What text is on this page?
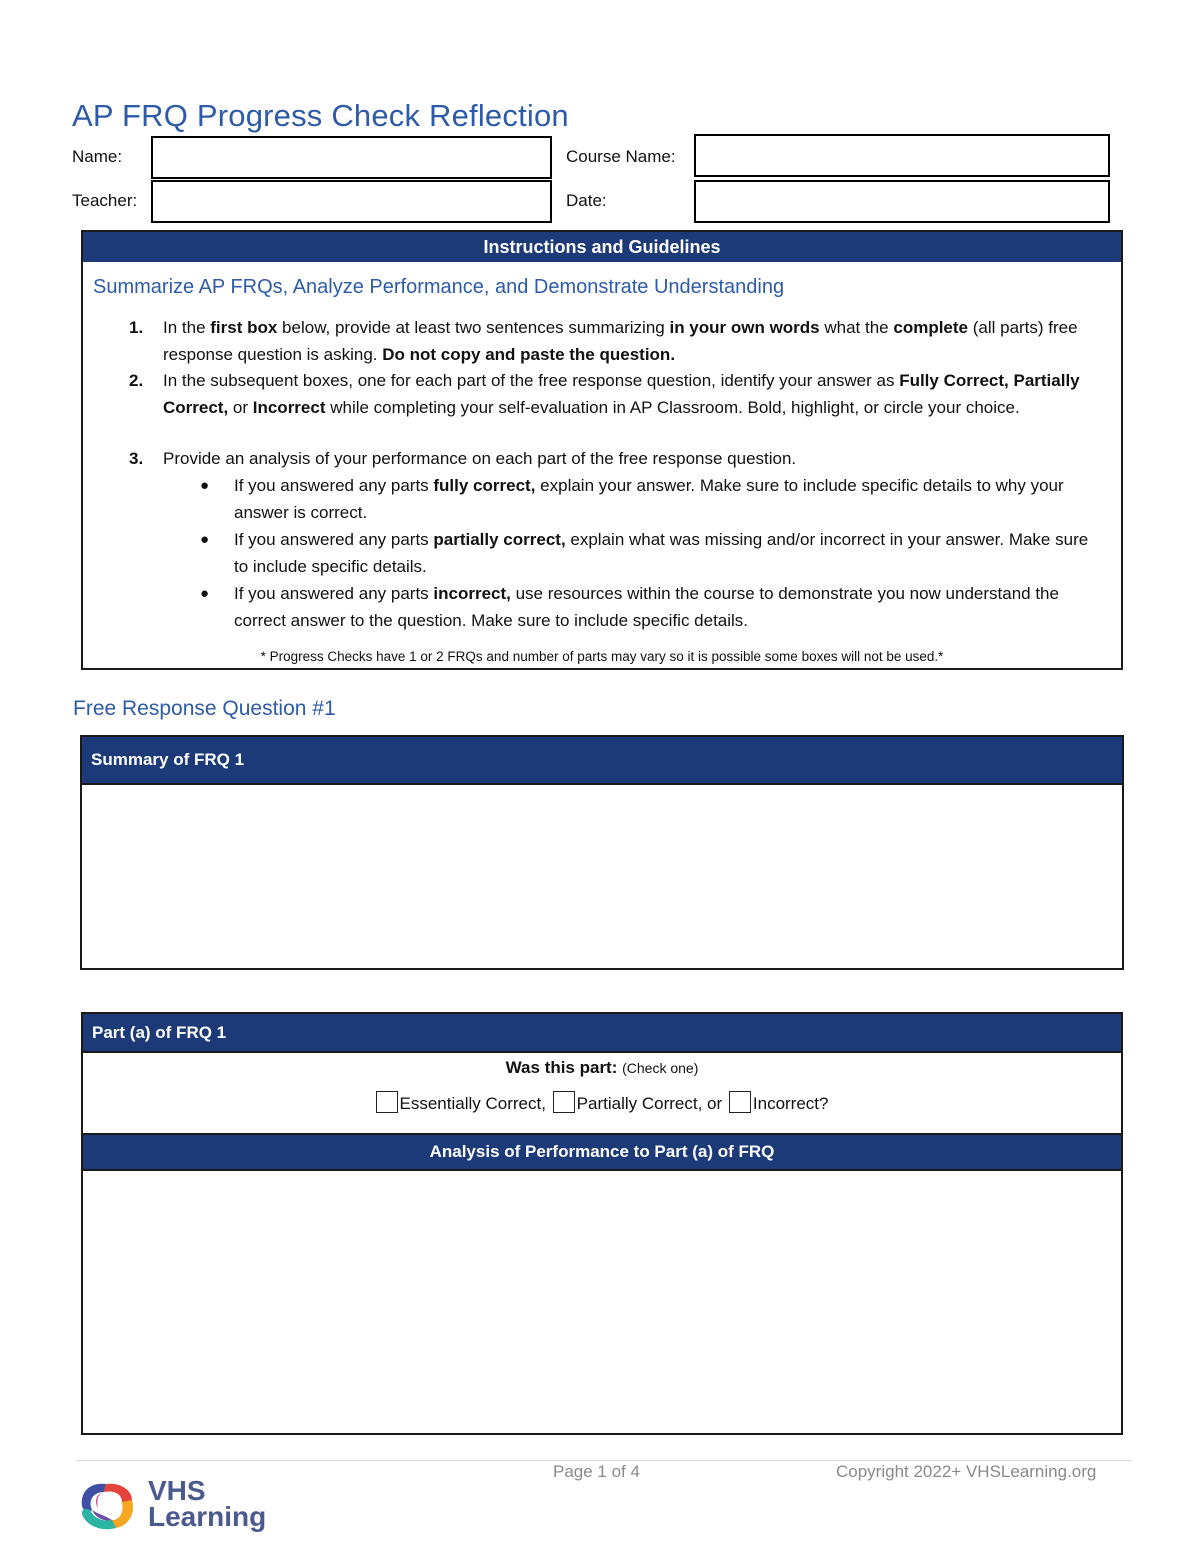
AP FRQ Progress Check Reflection
Name:
Teacher:
Course Name:
Date:
Instructions and Guidelines
Summarize AP FRQs, Analyze Performance, and Demonstrate Understanding
1.	In the first box below, provide at least two sentences summarizing in your own words what the complete (all parts) free response question is asking. Do not copy and paste the question.
2.	In the subsequent boxes, one for each part of the free response question, identify your answer as Fully Correct, Partially Correct, or Incorrect while completing your self-evaluation in AP Classroom. Bold, highlight, or circle your choice.
3.	Provide an analysis of your performance on each part of the free response question.
●	If you answered any parts fully correct, explain your answer. Make sure to include specific details to why your answer is correct.
●	If you answered any parts partially correct, explain what was missing and/or incorrect in your answer. Make sure to include specific details.
●	If you answered any parts incorrect, use resources within the course to demonstrate you now understand the correct answer to the question. Make sure to include specific details.
* Progress Checks have 1 or 2 FRQs and number of parts may vary so it is possible some boxes will not be used.*
Free Response Question #1
Summary of FRQ 1
Part (a) of FRQ 1
Was this part: (Check one)
Essentially Correct, Partially Correct, or Incorrect?
Analysis of Performance to Part (a) of FRQ
Page 1 of 4	Copyright 2022+ VHSLearning.org
VHS
Learning
